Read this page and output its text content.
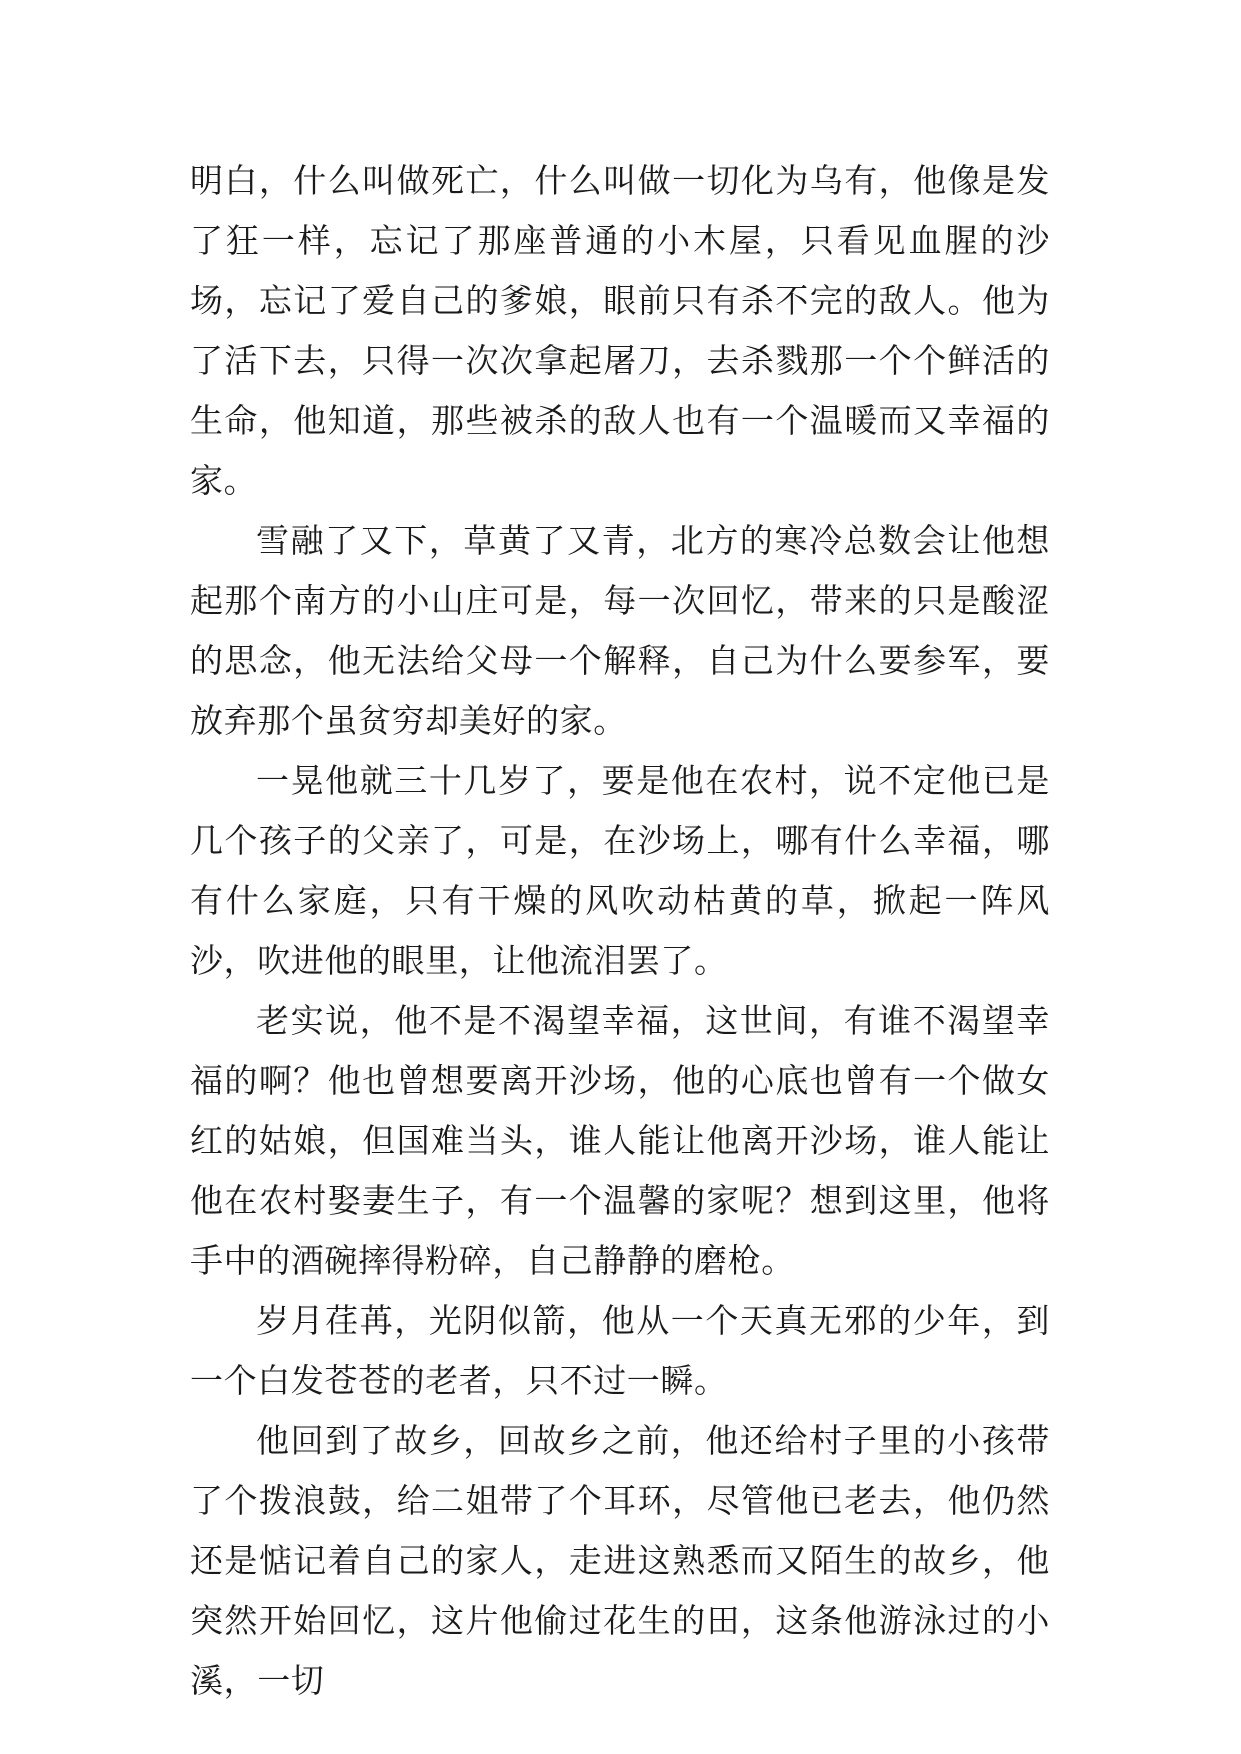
明白，什么叫做死亡，什么叫做一切化为乌有，他像是发了狂一样，忘记了那座普通的小木屋，只看见血腥的沙场，忘记了爱自己的爹娘，眼前只有杀不完的敌人。他为了活下去，只得一次次拿起屠刀，去杀戮那一个个鲜活的生命，他知道，那些被杀的敌人也有一个温暖而又幸福的家。

雪融了又下，草黄了又青，北方的寒冷总数会让他想起那个南方的小山庄可是，每一次回忆，带来的只是酸涩的思念，他无法给父母一个解释，自己为什么要参军，要放弃那个虽贫穷却美好的家。

一晃他就三十几岁了，要是他在农村，说不定他已是几个孩子的父亲了，可是，在沙场上，哪有什么幸福，哪有什么家庭，只有干燥的风吹动枯黄的草，掀起一阵风沙，吹进他的眼里，让他流泪罢了。

老实说，他不是不渴望幸福，这世间，有谁不渴望幸福的啊？他也曾想要离开沙场，他的心底也曾有一个做女红的姑娘，但国难当头，谁人能让他离开沙场，谁人能让他在农村娶妻生子，有一个温馨的家呢？想到这里，他将手中的酒碗摔得粉碎，自己静静的磨枪。

岁月荏苒，光阴似箭，他从一个天真无邪的少年，到一个白发苍苍的老者，只不过一瞬。

他回到了故乡，回故乡之前，他还给村子里的小孩带了个拨浪鼓，给二姐带了个耳环，尽管他已老去，他仍然还是惦记着自己的家人，走进这熟悉而又陌生的故乡，他突然开始回忆，这片他偷过花生的田，这条他游泳过的小溪，一切
